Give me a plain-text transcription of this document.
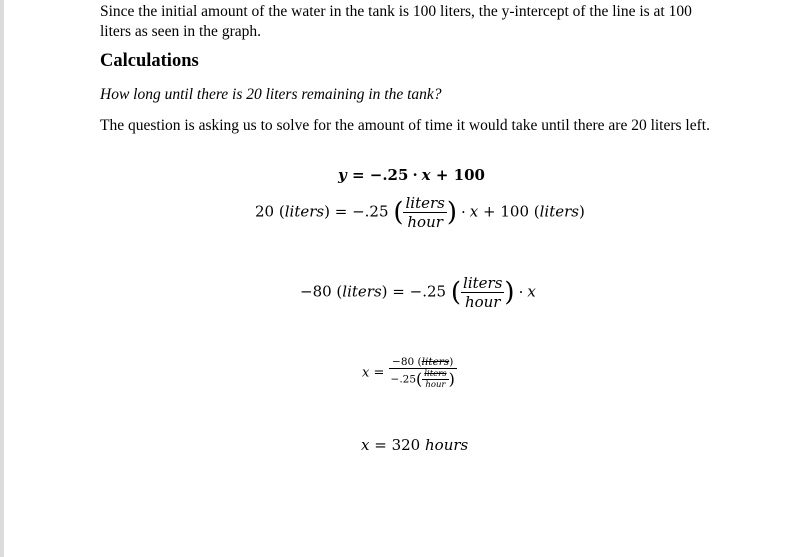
Since the initial amount of the water in the tank is 100 liters, the y-intercept of the line is at 100 liters as seen in the graph.
Calculations
How long until there is 20 liters remaining in the tank?
The question is asking us to solve for the amount of time it would take until there are 20 liters left.
y = −.25 · x + 100
20 (liters) = −.25 ( $\frac{\text{liters}}{\text{hour}}$ ) · x + 100 (liters)
−80 (liters) = −.25 ( $\frac{\text{liters}}{\text{hour}}$ ) · x
$x = \frac{\text{−80 (liters)}}{-.25( \frac{\text{liters}}{\text{hour}} )}$
x = 320 hours
